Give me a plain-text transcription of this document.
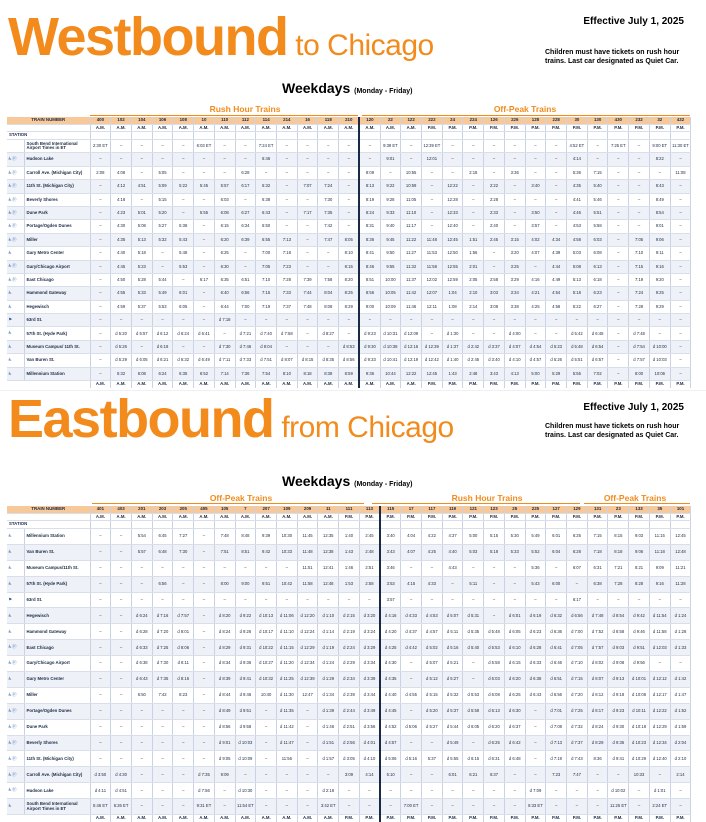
Westbound to Chicago
Effective July 1, 2025
Children must have tickets on rush hour trains. Last car designated as Quiet Car.
Weekdays (Monday - Friday)
Rush Hour Trains	Off-Peak Trains
TRAIN NUMBER		400	102	104	106	108	10	110	112	114	214	16	118	210	120	22	122	222	24	224	126	226	128	228	30	130	430	232	32	432
		A.M.	A.M.	A.M.	A.M.	A.M.	A.M.	A.M.	A.M.	A.M.	A.M.	A.M.	A.M.	A.M.	A.M.	A.M.	A.M.	P.M.	P.M.	P.M.	P.M.	P.M.	P.M.	P.M.	P.M.	P.M.	P.M.	P.M.	P.M.	P.M.
STATION																														
	South Bend International Airport Times in ET	2:30 ET	–	–	–	–	6:03 ET	–	–	7:24 ET	–	–	–	–	–	9:39 ET	–	12:39 ET	–	–	–	–	–	–	4:52 ET	–	7:25 ET	–	9:00 ET	11:30 ET
♿ⓟ	Hudson Lake	–	–	–	–	–	–	–	–	6:46	–	–	–	–	–	9:01	–	12:01	–	–	–	–	–	–	4:14	–	–	–	8:22	–
♿ⓟ	Carroll Ave. (Michigan City)	2:08	4:08	–	5:05	–	–	–	6:28	–	–	–	–	–	8:09	–	10:55	–	–	2:18	–	3:36	–	–	5:36	7:15	–	–	–	11:08
♿ⓟ	11th St. (Michigan City)	–	4:12	4:51	5:09	5:22	5:45	5:57	6:17	6:32	–	7:07	7:24	–	8:13	9:22	10:59	–	12:22	–	2:22	–	3:40	–	4:35	5:40	–	–	8:43	–
♿ⓟ	Beverly Shores	–	4:18	–	5:15	–	–	6:03	–	6:38	–	–	7:30	–	8:19	9:28	11:05	–	12:28	–	2:28	–	–	–	4:41	5:46	–	–	8:49	–
♿ⓟ	Dune Park	–	4:23	5:01	5:20	–	5:55	6:08	6:27	6:43	–	7:17	7:35	–	8:24	9:33	11:10	–	12:33	–	2:33	–	3:50	–	4:46	5:51	–	–	8:54	–
♿ⓟ	Portage/Ogden Dunes	–	4:30	5:08	5:27	5:38	–	6:15	6:34	6:50	–	–	7:42	–	8:31	9:40	11:17	–	12:40	–	2:40	–	3:57	–	4:53	5:58	–	–	9:01	–
♿ⓟ	Miller	–	4:35	5:13	5:32	5:43	–	6:20	6:39	6:55	7:13	–	7:47	8:05	8:36	9:45	11:22	11:48	12:45	1:51	2:45	3:15	4:02	4:34	4:58	6:03	–	7:05	9:06	–
♿	Gary Metro Center	–	4:40	5:18	–	5:48	–	6:25	–	7:00	7:18	–	–	8:10	8:41	9:50	11:27	11:53	12:50	1:56	–	3:20	4:07	4:39	5:03	6:08	–	7:10	9:11	–
♿ⓟ	Gary/Chicago Airport	–	4:45	5:23	–	5:53	–	6:30	–	7:05	7:23	–	–	8:15	8:46	9:55	11:32	11:58	12:55	2:01	–	3:25	–	4:44	5:08	6:13	–	7:15	9:16	–
♿ⓟ	East Chicago	–	4:50	5:28	5:44	–	6:17	6:35	6:51	7:10	7:28	7:39	7:58	8:20	8:51	10:00	11:37	12:02	12:59	2:05	2:58	3:29	4:16	4:49	5:13	6:18	–	7:19	9:20	–
♿	Hammond Gateway	–	4:55	5:33	5:49	6:01	–	6:40	6:56	7:15	7:33	7:44	8:04	8:25	8:56	10:05	11:42	12:07	1:04	2:10	3:03	3:34	4:21	4:54	5:18	6:23	–	7:24	9:25	–
♿	Hegewisch	–	4:59	5:37	5:53	6:05	–	6:44	7:00	7:19	7:37	7:48	8:08	8:29	9:00	10:09	11:46	12:11	1:08	2:14	3:08	3:38	4:25	4:58	5:22	6:27	–	7:28	9:29	–
⚑	63rd St.	–	–	–	–	–	–	d 7:18	–	–	–	–	–	–	–	–	–	–	–	–	–	–	–	–	–	–	–	–	–	–
♿	57th St. (Hyde Park)	–	d 5:20	d 5:57	d 6:12	d 6:24	d 6:41	–	d 7:21	d 7:40	d 7:58	–	d 8:27	–	d 9:23	d 10:31	d 12:09	–	d 1:30	–	–	d 4:00	–	–	d 5:42	d 6:48	–	d 7:48	–	–
♿	Museum Campus/ 11th St.	–	d 5:26	–	d 6:18	–	–	d 7:30	d 7:46	d 8:04	–	–	–	d 8:53	d 9:30	d 10:38	d 12:16	d 12:39	d 1:37	d 2:42	d 3:37	d 4:07	d 4:54	d 5:23	d 5:48	d 6:54	–	d 7:54	d 10:00	–
♿	Van Buren St.	–	d 5:29	d 6:05	d 6:21	d 6:32	d 6:49	d 7:11	d 7:33	d 7:51	d 8:07	d 8:15	d 8:35	d 8:56	d 9:33	d 10:41	d 12:19	d 12:42	d 1:40	d 2:45	d 3:40	d 4:10	d 4:57	d 5:26	d 5:51	d 6:57	–	d 7:57	d 10:03	–
♿	Millennium Station	–	5:32	6:08	6:24	6:35	6:52	7:14	7:36	7:54	8:10	8:18	8:38	8:59	9:36	10:44	12:22	12:45	1:43	2:48	3:43	4:13	5:00	5:29	5:55	7:02	–	8:00	10:06	–
		A.M.	A.M.	A.M.	A.M.	A.M.	A.M.	A.M.	A.M.	A.M.	A.M.	A.M.	A.M.	A.M.	A.M.	A.M.	A.M.	P.M.	P.M.	P.M.	P.M.	P.M.	P.M.	P.M.	P.M.	P.M.	P.M.	P.M.	P.M.	P.M.
Eastbound from Chicago
Effective July 1, 2025
Children must have tickets on rush hour trains. Last car designated as Quiet Car.
Weekdays (Monday - Friday)
Off-Peak Trains	Rush Hour Trains	Off-Peak Trains
TRAIN NUMBER		401	403	201	203	205	405	105	7	207	109	209	11	111	113	115	17	117	119	121	123	25	225	127	129	131	23	133	35	101
		A.M.	A.M.	A.M.	A.M.	A.M.	A.M.	A.M.	A.M.	A.M.	A.M.	A.M.	A.M.	P.M.	P.M.	P.M.	P.M.	P.M.	P.M.	P.M.	P.M.	P.M.	P.M.	P.M.	P.M.	P.M.	P.M.	P.M.	P.M.	P.M.
STATION																														
♿	Millennium Station	–	–	5:54	6:45	7:27	–	7:48	8:48	9:39	10:30	11:45	12:35	1:40	2:45	3:40	4:04	4:22	4:37	5:00	5:15	5:30	5:49	6:01	6:25	7:15	8:15	9:03	11:15	12:45
♿	Van Buren St.	–	–	5:57	6:48	7:30	–	7:51	8:51	9:42	10:33	11:48	12:38	1:43	2:48	3:43	4:07	4:25	4:40	5:03	5:18	5:33	5:52	6:04	6:28	7:18	8:18	9:06	11:18	12:48
♿	Museum Campus/11th St.	–	–	–	–	–	–	–	–	–	–	11:51	12:41	1:46	2:51	3:46	–	–	4:43	–	–	–	5:36	–	6:07	6:31	7:21	8:21	9:09	11:21
♿	57th St. (Hyde Park)	–	–	–	6:56	–	–	8:00	9:00	9:51	10:42	11:58	12:48	1:53	2:58	3:53	4:15	4:33	–	5:11	–	–	5:43	6:00	–	6:38	7:28	8:28	9:16	11:28
⚑	63rd St.	–	–	–	–	–	–	–	–	–	–	–	–	–	–	3:57	–	–	–	–	–	–	–	–	6:17	–	–	–	–	–
♿	Hegewisch	–	–	d 6:24	d 7:16	d 7:57	–	d 8:20	d 9:22	d 10:13	d 11:06	d 12:20	d 1:10	d 2:15	d 3:20	d 4:16	d 4:33	d 4:53	d 5:07	d 5:31	–	d 6:01	d 6:19	d 6:32	d 6:56	d 7:48	d 8:54	d 9:42	d 11:54	d 1:24
♿	Hammond Gateway	–	–	d 6:28	d 7:20	d 8:01	–	d 8:24	d 9:26	d 10:17	d 11:10	d 12:24	d 1:14	d 2:19	d 3:24	d 4:20	d 4:37	d 4:57	d 5:11	d 5:35	d 5:48	d 6:05	d 6:23	d 6:36	d 7:00	d 7:52	d 8:58	d 9:46	d 11:58	d 1:28
♿ⓟ	East Chicago	–	–	d 6:33	d 7:25	d 8:06	–	d 8:29	d 9:31	d 10:22	d 11:15	d 12:29	d 1:19	d 2:24	d 3:29	d 4:25	d 4:42	d 5:02	d 5:16	d 5:40	d 5:53	d 6:10	d 6:28	d 6:41	d 7:05	d 7:57	d 9:03	d 9:51	d 12:03	d 1:33
♿ⓟ	Gary/Chicago Airport	–	–	d 6:38	d 7:30	d 8:11	–	d 8:34	d 9:36	d 10:27	d 11:20	d 12:34	d 1:24	d 2:29	d 3:34	d 4:30	–	d 5:07	d 5:21	–	d 5:58	d 6:15	d 6:33	d 6:46	d 7:10	d 8:02	d 9:08	d 9:56	–	–
♿	Gary Metro Center	–	–	d 6:43	d 7:35	d 8:16	–	d 8:39	d 9:41	d 10:32	d 11:25	d 12:39	d 1:29	d 2:34	d 3:39	d 4:35	–	d 5:12	d 5:27	–	d 6:03	d 6:20	d 6:38	d 6:51	d 7:15	d 8:07	d 9:13	d 10:01	d 12:12	d 1:42
♿ⓟ	Miller	–	–	6:50	7:42	8:23	–	d 8:44	d 9:46	10:40	d 11:30	12:47	d 1:34	d 2:39	d 3:44	d 4:40	d 4:55	d 5:15	d 5:32	d 5:53	d 6:08	d 6:25	d 6:43	d 6:56	d 7:20	d 8:12	d 9:18	d 10:06	d 12:17	d 1:47
♿ⓟ	Portage/Ogden Dunes	–	–	–	–	–	–	d 8:49	d 9:51	–	d 11:35	–	d 1:39	d 2:44	d 3:49	d 4:45	–	d 5:20	d 5:37	d 5:58	d 6:13	d 6:30	–	d 7:01	d 7:25	d 8:17	d 9:23	d 10:11	d 12:22	d 1:52
♿ⓟ	Dune Park	–	–	–	–	–	–	d 8:56	d 9:58	–	d 11:42	–	d 1:46	d 2:51	d 3:56	d 4:52	d 5:06	d 5:27	d 5:44	d 6:05	d 6:20	d 6:37	–	d 7:08	d 7:32	d 8:24	d 9:30	d 10:18	d 12:29	d 1:59
♿ⓟ	Beverly Shores	–	–	–	–	–	–	d 9:01	d 10:03	–	d 11:47	–	d 1:51	d 2:56	d 4:01	d 4:57	–	–	d 5:49	–	d 6:25	d 6:42	–	d 7:13	d 7:37	d 8:29	d 9:35	d 10:23	d 12:34	d 2:04
♿ⓟ	11th St. (Michigan City)	–	–	–	–	–	–	d 9:05	d 10:09	–	11:56	–	d 1:57	d 3:05	d 4:10	d 5:06	d 5:16	5:37	d 5:55	d 6:15	d 6:31	d 6:48	–	d 7:19	d 7:43	8:36	d 9:41	d 10:29	d 12:40	d 2:10
♿ⓟ	Carroll Ave. (Michigan City)	d 3:50	d 4:30	–	–	–	d 7:35	9:09	–	–	–	–	–	3:09	4:14	5:10	–	–	6:01	6:21	6:37	–	–	7:23	7:47	–	–	10:33	–	2:14
♿ⓟ	Hudson Lake	d 4:11	d 4:51	–	–	–	d 7:56	–	d 10:30	–	–	–	d 2:18	–	–	–	–	–	–	–	–	–	d 7:09	–	–	–	d 10:02	–	d 1:01	–
♿	South Bend International Airport Times in ET	5:46 ET	6:26 ET	–	–	–	9:31 ET	–	11:54 ET	–	–	–	3:42 ET	–	–	–	7:00 ET	–	–	–	–	–	8:33 ET	–	–	–	11:25 ET	–	2:24 ET	–
		A.M.	A.M.	A.M.	A.M.	A.M.	A.M.	A.M.	A.M.	A.M.	A.M.	A.M.	A.M.	P.M.	P.M.	P.M.	P.M.	P.M.	P.M.	P.M.	P.M.	P.M.	P.M.	P.M.	P.M.	P.M.	P.M.	P.M.	P.M.	P.M.
